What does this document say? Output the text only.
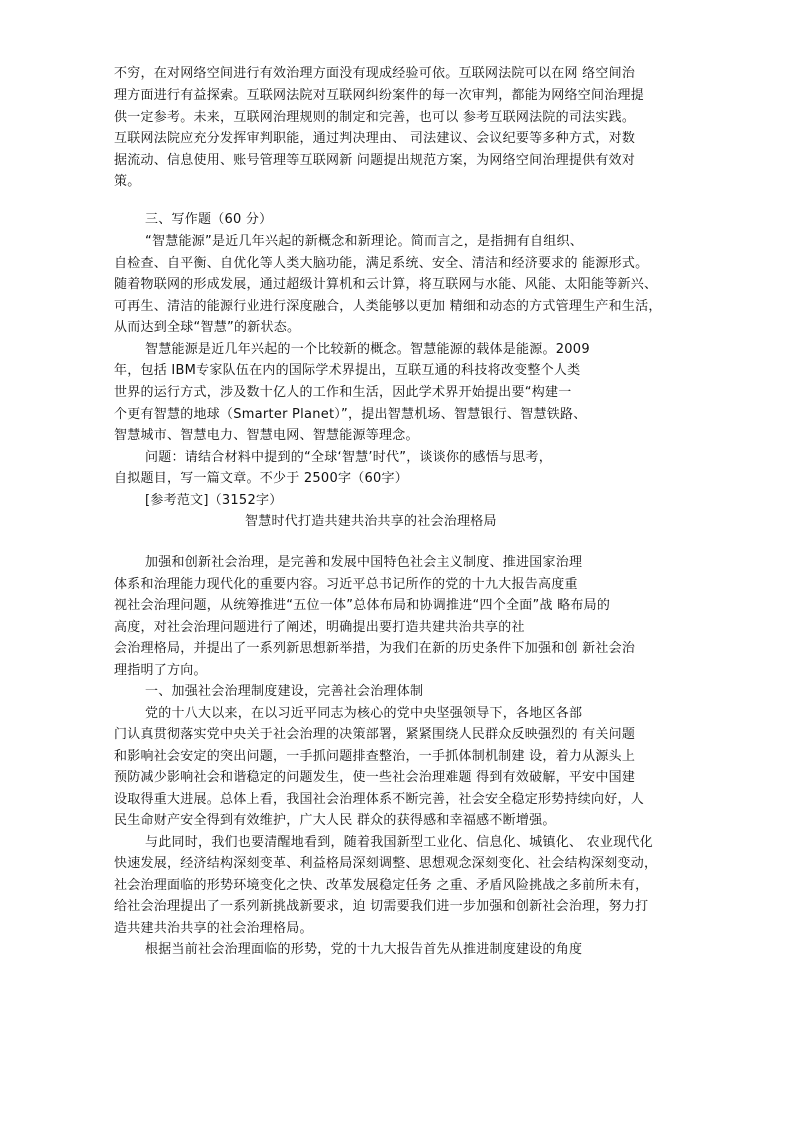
不穷，在对网络空间进行有效治理方面没有现成经验可依。互联网法院可以在网 络空间治
理方面进行有益探索。互联网法院对互联网纠纷案件的每一次审判，都能为网络空间治理提
供一定参考。未来，互联网治理规则的制定和完善，也可以 参考互联网法院的司法实践。
互联网法院应充分发挥审判职能，通过判决理由、 司法建议、会议纪要等多种方式，对数
据流动、信息使用、账号管理等互联网新 问题提出规范方案，为网络空间治理提供有效对
策。
三、写作题（60 分）
“智慧能源”是近几年兴起的新概念和新理论。简而言之，是指拥有自组织、
自检查、自平衡、自优化等人类大脑功能，满足系统、安全、清洁和经济要求的 能源形式。
随着物联网的形成发展，通过超级计算机和云计算，将互联网与水能、风能、太阳能等新兴、
可再生、清洁的能源行业进行深度融合，人类能够以更加 精细和动态的方式管理生产和生活，
从而达到全球“智慧”的新状态。
智慧能源是近几年兴起的一个比较新的概念。智慧能源的载体是能源。2009
年，包括 IBM专家队伍在内的国际学术界提出，互联互通的科技将改变整个人类
世界的运行方式，涉及数十亿人的工作和生活，因此学术界开始提出要“构建一
个更有智慧的地球（Smarter Planet）”，提出智慧机场、智慧银行、智慧铁路、
智慧城市、智慧电力、智慧电网、智慧能源等理念。
问题：请结合材料中提到的“全球‘智慧’时代”，谈谈你的感悟与思考，
自拟题目，写一篇文章。不少于 2500字（60字）
[参考范文]（3152字）
智慧时代打造共建共治共享的社会治理格局
加强和创新社会治理，是完善和发展中国特色社会主义制度、推进国家治理
体系和治理能力现代化的重要内容。习近平总书记所作的党的十九大报告高度重
视社会治理问题，从统筹推进“五位一体”总体布局和协调推进“四个全面”战 略布局的
高度，对社会治理问题进行了阐述，明确提出要打造共建共治共享的社
会治理格局，并提出了一系列新思想新举措，为我们在新的历史条件下加强和创 新社会治
理指明了方向。
一、加强社会治理制度建设，完善社会治理体制
党的十八大以来，在以习近平同志为核心的党中央坚强领导下，各地区各部
门认真贯彻落实党中央关于社会治理的决策部署，紧紧围绕人民群众反映强烈的 有关问题
和影响社会安定的突出问题，一手抓问题排查整治，一手抓体制机制建 设，着力从源头上
预防减少影响社会和谐稳定的问题发生，使一些社会治理难题 得到有效破解，平安中国建
设取得重大进展。总体上看，我国社会治理体系不断完善，社会安全稳定形势持续向好，人
民生命财产安全得到有效维护，广大人民 群众的获得感和幸福感不断增强。
与此同时，我们也要清醒地看到，随着我国新型工业化、信息化、城镇化、 农业现代化
快速发展，经济结构深刻变革、利益格局深刻调整、思想观念深刻变化、社会结构深刻变动，
社会治理面临的形势环境变化之快、改革发展稳定任务 之重、矛盾风险挑战之多前所未有，
给社会治理提出了一系列新挑战新要求，迫 切需要我们进一步加强和创新社会治理，努力打
造共建共治共享的社会治理格局。
根据当前社会治理面临的形势，党的十九大报告首先从推进制度建设的角度
